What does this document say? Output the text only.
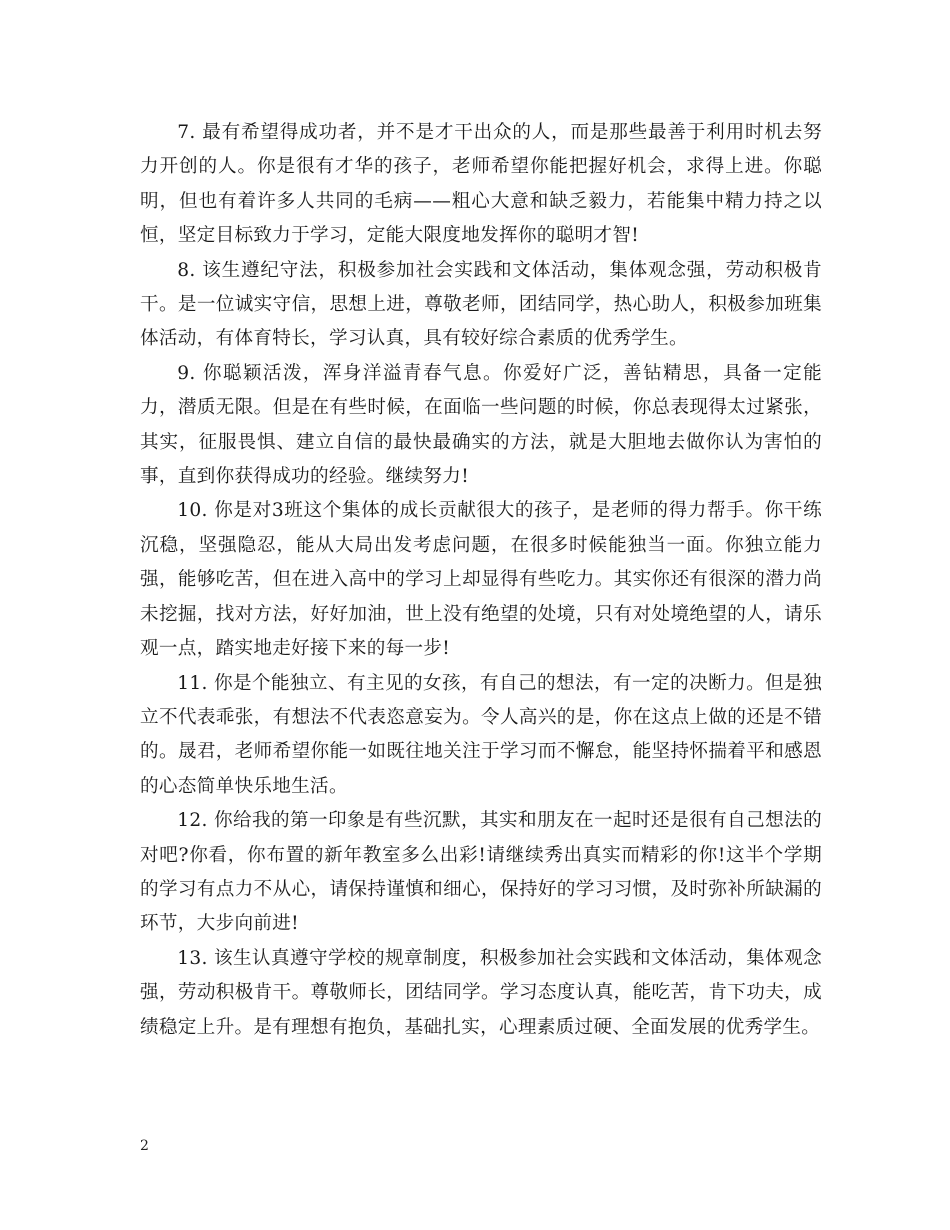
7. 最有希望得成功者，并不是才干出众的人，而是那些最善于利用时机去努力开创的人。你是很有才华的孩子，老师希望你能把握好机会，求得上进。你聪明，但也有着许多人共同的毛病——粗心大意和缺乏毅力，若能集中精力持之以恒，坚定目标致力于学习，定能大限度地发挥你的聪明才智!

8. 该生遵纪守法，积极参加社会实践和文体活动，集体观念强，劳动积极肯干。是一位诚实守信，思想上进，尊敬老师，团结同学，热心助人，积极参加班集体活动，有体育特长，学习认真，具有较好综合素质的优秀学生。

9. 你聪颖活泼，浑身洋溢青春气息。你爱好广泛，善钻精思，具备一定能力，潜质无限。但是在有些时候，在面临一些问题的时候，你总表现得太过紧张，其实，征服畏惧、建立自信的最快最确实的方法，就是大胆地去做你认为害怕的事，直到你获得成功的经验。继续努力!

10. 你是对3班这个集体的成长贡献很大的孩子，是老师的得力帮手。你干练沉稳，坚强隐忍，能从大局出发考虑问题，在很多时候能独当一面。你独立能力强，能够吃苦，但在进入高中的学习上却显得有些吃力。其实你还有很深的潜力尚未挖掘，找对方法，好好加油，世上没有绝望的处境，只有对处境绝望的人，请乐观一点，踏实地走好接下来的每一步!

11. 你是个能独立、有主见的女孩，有自己的想法，有一定的决断力。但是独立不代表乖张，有想法不代表恣意妄为。令人高兴的是，你在这点上做的还是不错的。晟君，老师希望你能一如既往地关注于学习而不懈怠，能坚持怀揣着平和感恩的心态简单快乐地生活。

12. 你给我的第一印象是有些沉默，其实和朋友在一起时还是很有自己想法的对吧?你看，你布置的新年教室多么出彩!请继续秀出真实而精彩的你!这半个学期的学习有点力不从心，请保持谨慎和细心，保持好的学习习惯，及时弥补所缺漏的环节，大步向前进!

13. 该生认真遵守学校的规章制度，积极参加社会实践和文体活动，集体观念强，劳动积极肯干。尊敬师长，团结同学。学习态度认真，能吃苦，肯下功夫，成绩稳定上升。是有理想有抱负，基础扎实，心理素质过硬、全面发展的优秀学生。

2
